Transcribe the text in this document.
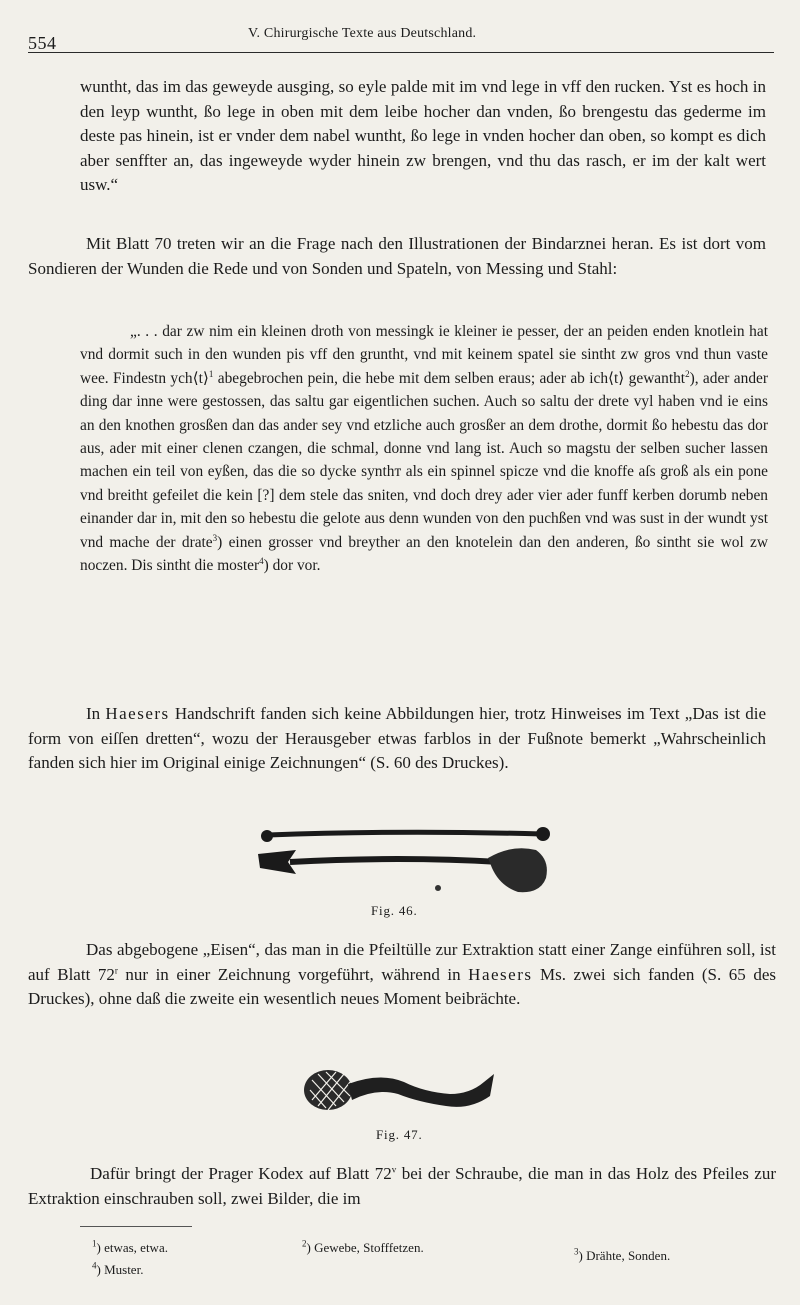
554	V. Chirurgische Texte aus Deutschland.
wuntht, das im das geweyde ausging, so eyle palde mit im vnd lege in vff den rucken. Yst es hoch in den leyp wuntht, ßo lege in oben mit dem leibe hocher dan vnden, ßo brengestu das gederme im deste pas hinein, ist er vnder dem nabel wuntht, ßo lege in vnden hocher dan oben, so kompt es dich aber senffter an, das ingeweyde wyder hinein zw brengen, vnd thu das rasch, er im der kalt wert usw.“
Mit Blatt 70 treten wir an die Frage nach den Illustrationen der Bindarznei heran. Es ist dort vom Sondieren der Wunden die Rede und von Sonden und Spateln, von Messing und Stahl:
„. . . dar zw nim ein kleinen droth von messingk ie kleiner ie pesser, der an peiden enden knotlein hat vnd dormit such in den wunden pis vff den gruntht, vnd mit keinem spatel sie sintht zw gros vnd thun vaste wee. Findestn ych⟨t⟩$^1$ abegebrochen pein, die hebe mit dem selben eraus; ader ab ich⟨t⟩ gewantht$^2$), ader ander ding dar inne were gestossen, das saltu gar eigentlichen suchen. Auch so saltu der drete vyl haben vnd ie eins an den knothen grosßen dan das ander sey vnd etzliche auch grosßer an dem drothe, dormit ßo hebestu das dor aus, ader mit einer clenen czangen, die schmal, donne vnd lang ist. Auch so magstu der selben sucher lassen machen ein teil von eyßen, das die so dycke synthт als ein spinnel spicze vnd die knoffe aſs groß als ein pone vnd breitht gefeilet die kein [?] dem stele das sniten, vnd doch drey ader vier ader funff kerben dorumb neben einander dar in, mit den so hebestu die gelote aus denn wunden von den puchßen vnd was sust in der wundt yst vnd mache der drate$^3$) einen grosser vnd breyther an den knotelein dan den anderen, ßo sintht sie wol zw noczen. Dis sintht die moster$^4$) dor vor.
In Haesers Handschrift fanden sich keine Abbildungen hier, trotz Hinweises im Text „Das ist die form von eiſſen dretten“, wozu der Herausgeber etwas farblos in der Fußnote bemerkt „Wahrscheinlich fanden sich hier im Original einige Zeichnungen“ (S. 60 des Druckes).
Fig. 46.
Das abgebogene „Eisen“, das man in die Pfeiltülle zur Extraktion statt einer Zange einführen soll, ist auf Blatt 72$^r$ nur in einer Zeichnung vorgeführt, während in Haesers Ms. zwei sich fanden (S. 65 des Druckes), ohne daß die zweite ein wesentlich neues Moment beibrächte.
Fig. 47.
Dafür bringt der Prager Kodex auf Blatt 72$^v$ bei der Schraube, die man in das Holz des Pfeiles zur Extraktion einschrauben soll, zwei Bilder, die im
$^1$) etwas, etwa.	$^2$) Gewebe, Stofffetzen.	$^3$) Drähte, Sonden.
$^4$) Muster.
